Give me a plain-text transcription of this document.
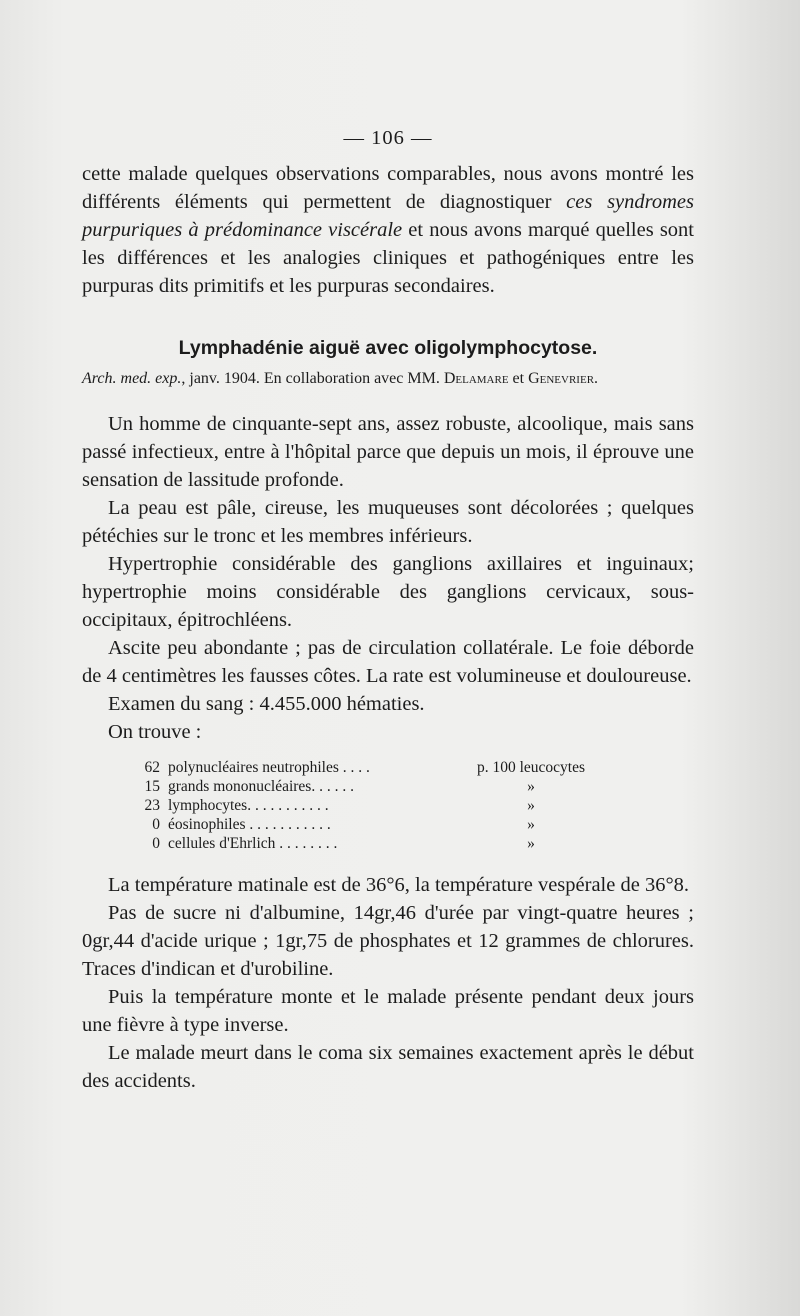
— 106 —

cette malade quelques observations comparables, nous avons montré les différents éléments qui permettent de diagnostiquer ces syndromes purpuriques à prédominance viscérale et nous avons marqué quelles sont les différences et les analogies cliniques et pathogéniques entre les purpuras dits primitifs et les purpuras secondaires.

Lymphadénie aiguë avec oligolymphocytose.
Arch. med. exp., janv. 1904. En collaboration avec MM. Delamare et Genevrier.

Un homme de cinquante-sept ans, assez robuste, alcoolique, mais sans passé infectieux, entre à l'hôpital parce que depuis un mois, il éprouve une sensation de lassitude profonde.

La peau est pâle, cireuse, les muqueuses sont décolorées ; quelques pétéchies sur le tronc et les membres inférieurs.

Hypertrophie considérable des ganglions axillaires et inguinaux; hypertrophie moins considérable des ganglions cervicaux, sous-occipitaux, épitrochléens.

Ascite peu abondante ; pas de circulation collatérale. Le foie déborde de 4 centimètres les fausses côtes. La rate est volumineuse et douloureuse.

Examen du sang : 4.455.000 hématies.

On trouve :

62 polynucléaires neutrophiles . . . .	p. 100 leucocytes
15 grands mononucléaires. . . . . .	»
23 lymphocytes. . . . . . . . . . .	»
0 éosinophiles . . . . . . . . . . .	»
0 cellules d'Ehrlich . . . . . . . .	»

La température matinale est de 36°6, la température vespérale de 36°8.

Pas de sucre ni d'albumine, 14gr,46 d'urée par vingt-quatre heures ; 0gr,44 d'acide urique ; 1gr,75 de phosphates et 12 grammes de chlorures. Traces d'indican et d'urobiline.

Puis la température monte et le malade présente pendant deux jours une fièvre à type inverse.

Le malade meurt dans le coma six semaines exactement après le début des accidents.
